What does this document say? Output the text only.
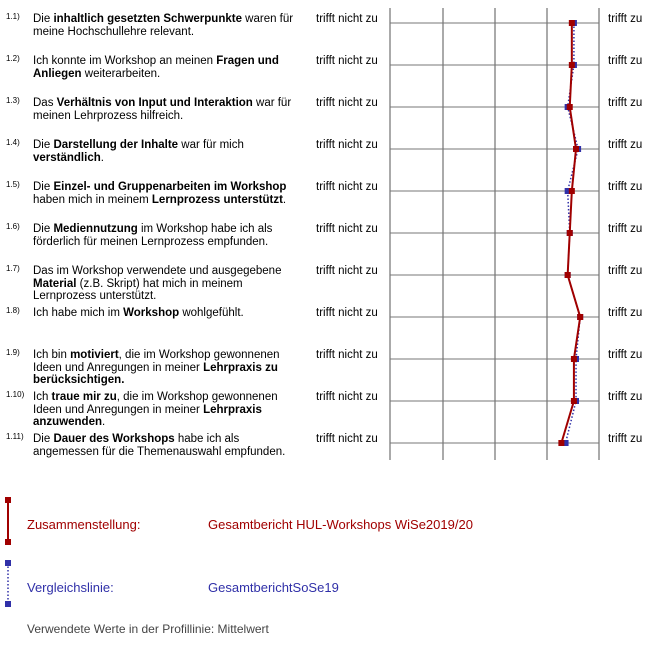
1.1) Die inhaltlich gesetzten Schwerpunkte waren für meine Hochschullehre relevant.
trifft nicht zu	trifft zu
1.2) Ich konnte im Workshop an meinen Fragen und Anliegen weiterarbeiten.
trifft nicht zu	trifft zu
1.3) Das Verhältnis von Input und Interaktion war für meinen Lehrprozess hilfreich.
trifft nicht zu	trifft zu
1.4) Die Darstellung der Inhalte war für mich verständlich.
trifft nicht zu	trifft zu
1.5) Die Einzel- und Gruppenarbeiten im Workshop haben mich in meinem Lernprozess unterstützt.
trifft nicht zu	trifft zu
1.6) Die Mediennutzung im Workshop habe ich als förderlich für meinen Lernprozess empfunden.
trifft nicht zu	trifft zu
1.7) Das im Workshop verwendete und ausgegebene Material (z.B. Skript) hat mich in meinem Lernprozess unterstützt.
trifft nicht zu	trifft zu
1.8) Ich habe mich im Workshop wohlgefühlt.	trifft nicht zu	trifft zu
1.9) Ich bin motiviert, die im Workshop gewonnenen Ideen und Anregungen in meiner Lehrpraxis zu berücksichtigen.
trifft nicht zu	trifft zu
1.10) Ich traue mir zu, die im Workshop gewonnenen Ideen und Anregungen in meiner Lehrpraxis anzuwenden.
trifft nicht zu	trifft zu
1.11) Die Dauer des Workshops habe ich als angemessen für die Themenauswahl empfunden.
trifft nicht zu	trifft zu
Zusammenstellung:	Gesamtbericht HUL-Workshops WiSe2019/20
Vergleichslinie:	GesamtberichtSoSe19
Verwendete Werte in der Profillinie: Mittelwert
